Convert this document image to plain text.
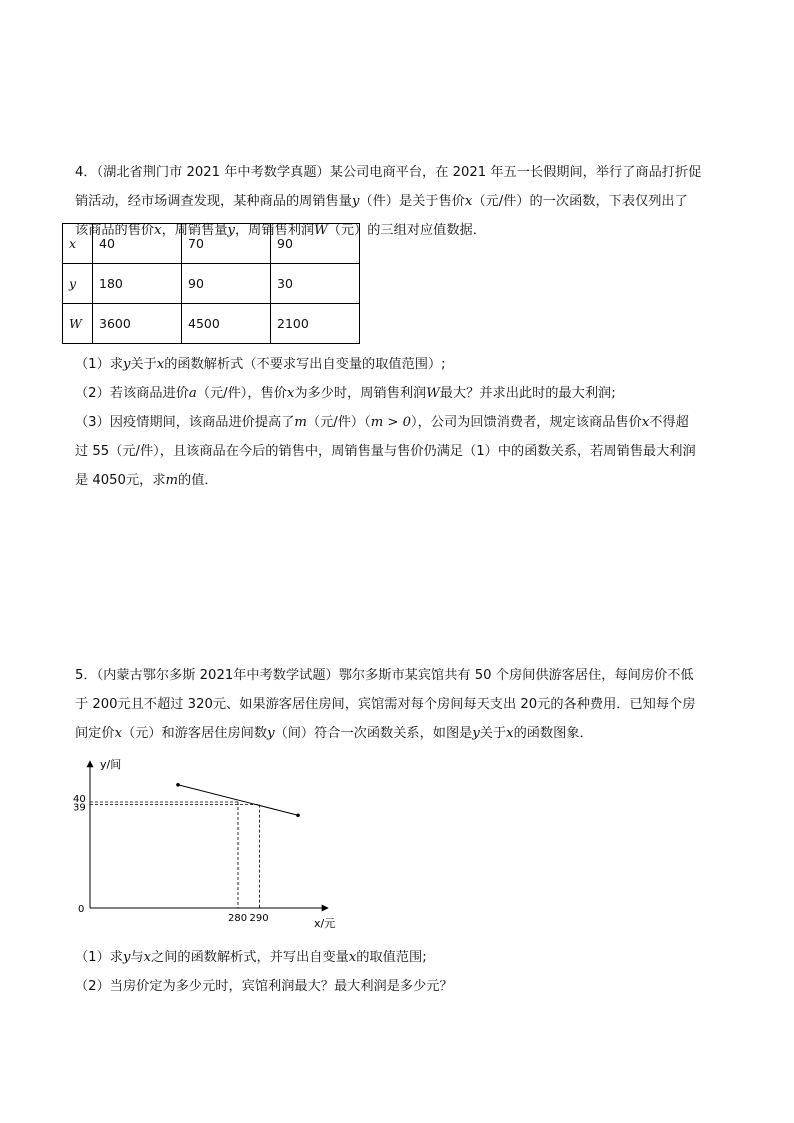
4．（湖北省荆门市 2021 年中考数学真题）某公司电商平台，在 2021 年五一长假期间，举行了商品打折促
销活动，经市场调查发现，某种商品的周销售量y（件）是关于售价x（元/件）的一次函数，下表仅列出了
该商品的售价x，周销售量y，周销售利润W（元）的三组对应值数据．
x	40	70	90
y	180	90	30
W	3600	4500	2100
（1）求y关于x的函数解析式（不要求写出自变量的取值范围）;
（2）若该商品进价a（元/件），售价x为多少时，周销售利润W最大？并求出此时的最大利润;
（3）因疫情期间，该商品进价提高了m（元/件）（m > 0），公司为回馈消费者，规定该商品售价x不得超
过 55（元/件），且该商品在今后的销售中，周销售量与售价仍满足（1）中的函数关系，若周销售最大利润
是 4050元，求m的值．
5．（内蒙古鄂尔多斯 2021年中考数学试题）鄂尔多斯市某宾馆共有 50 个房间供游客居住，每间房价不低
于 200元且不超过 320元、如果游客居住房间，宾馆需对每个房间每天支出 20元的各种费用．已知每个房
间定价x（元）和游客居住房间数y（间）符合一次函数关系，如图是y关于x的函数图象．
280 290
40
39
y/间
x/元
0
（1）求y与x之间的函数解析式，并写出自变量x的取值范围;
（2）当房价定为多少元时，宾馆利润最大？最大利润是多少元？
